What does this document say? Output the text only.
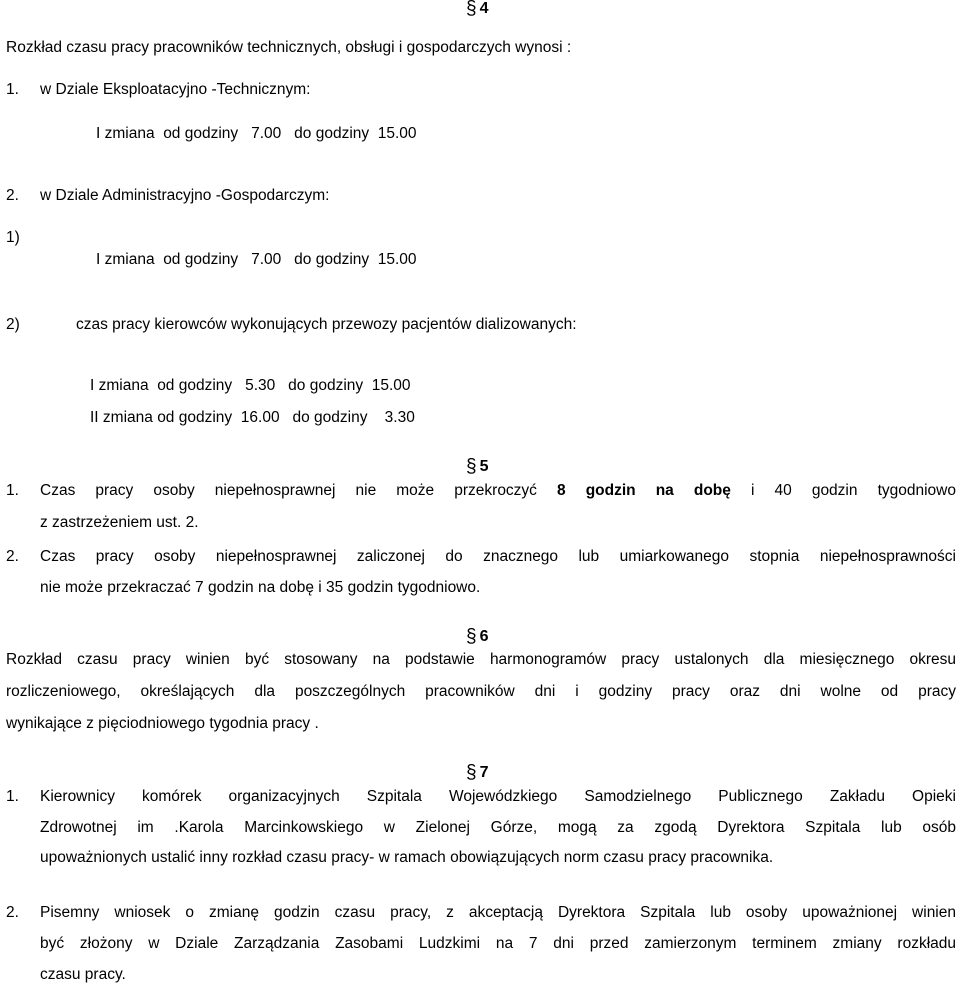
§ 4
Rozkład czasu pracy pracowników technicznych, obsługi i gospodarczych wynosi :
1. w Dziale Eksploatacyjno -Technicznym:
I zmiana  od godziny   7.00   do godziny  15.00
2. w Dziale Administracyjno -Gospodarczym:
1)
I zmiana  od godziny   7.00   do godziny  15.00
2)	czas pracy kierowców wykonujących przewozy pacjentów dializowanych:
I zmiana  od godziny   5.30   do godziny  15.00
II zmiana od godziny  16.00   do godziny    3.30
§ 5
1. Czas pracy osoby niepełnosprawnej nie może przekroczyć 8 godzin na dobę i 40 godzin tygodniowo
z zastrzeżeniem ust. 2.
2. Czas pracy osoby niepełnosprawnej zaliczonej do znacznego lub umiarkowanego stopnia niepełnosprawności
nie może przekraczać 7 godzin na dobę i 35 godzin tygodniowo.
§ 6
Rozkład czasu pracy winien być stosowany na podstawie harmonogramów pracy ustalonych dla miesięcznego okresu
rozliczeniowego, określających dla poszczególnych pracowników dni i godziny pracy oraz dni wolne od pracy
wynikające z pięciodniowego tygodnia pracy .
§ 7
1. Kierownicy komórek organizacyjnych Szpitala Wojewódzkiego Samodzielnego Publicznego Zakładu Opieki
Zdrowotnej im .Karola Marcinkowskiego w Zielonej Górze, mogą za zgodą Dyrektora Szpitala lub osób
upoważnionych ustalić inny rozkład czasu pracy- w ramach obowiązujących norm czasu pracy pracownika.
2. Pisemny wniosek o zmianę godzin czasu pracy, z akceptacją Dyrektora Szpitala lub osoby upoważnionej winien
być złożony w Dziale Zarządzania Zasobami Ludzkimi na 7 dni przed zamierzonym terminem zmiany rozkładu
czasu pracy.
